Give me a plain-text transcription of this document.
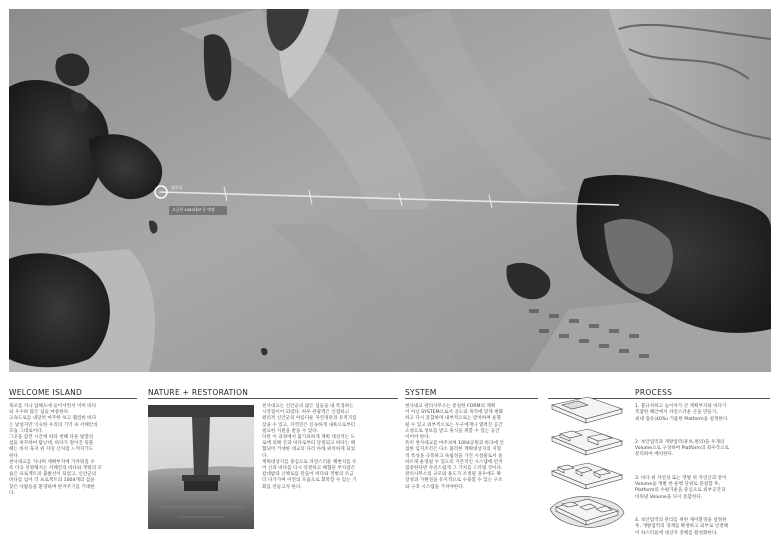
철산포
고군산 1004대교 등 예정
WELCOME ISLAND
목포를 지나 압해도에 들어서면서 이미 바다
와 우수하 많은 섬들 마중한다.
고속도로를 내달려 마주한 보고 웰컴한 바다
는 낯설지만 익숙한 우리의 기억 속 서해안의
모습 그대로이다.
그곳을 잠깐 시간에 따라 천혜 다른 빛깔의
섬들 바꾸하여 탐난데, 바다가 멀어진 뒷풀
때는 바치 육지 위 자연 산처럼 느껴지기도
한다.
천사대교를 지나며 계확부지에 가까워질 수
록 더욱 선명해지는 서해안의 바다와 갯벌의 모
습은 프로젝트의 출발선이 되었고, 신안군의
바다를 넘어 더 프로젝트의 1004개의 섬을
찾은 사람들을 환영하며 반겨주기를 기대한
다.
NATURE + RESTORATION
천사대교는 신안군의 많은 섬들을 내 특징하는
시작점이어 되었다. 하루 관광객은 인접하고
편리적 신안군의 아름다운 자연경관과 유적지를
찾을 수 있고, 지역민은 신속하게 내륙으로부터
필요한 지원을 받을 수 있다.
다만 이 과정에서 불가피하게 계획 대상지는 도
로에 의해 산과 바다로부터 단절되고 바다는 해
협되어 거대한 대교의 다리 아래 위치하게 되었
다.
계획대상지를 중심으로 자연스러운 해변치를 두
어 산과 바다를 다시 연결하고 해협된 부지잡은
갈대밭과 산책로를 만들어 바다와 갯벌의 조금
더 다가가며 이전의 모습으로 회복할 수 있는 기
회를 만들고자 한다.
SYSTEM
천사대교 관리사무소는 통일한 FORM의 계획
이 아닌 SYSTEM으로서 공도와 목적에 맞게 변화
하고 다시 흩합하며 내부적으로는 받쳐하며 운향
될 수 있고 외부적으로는 누구에게나 열려진 공간
소청으로 성보를 받고 휴식을 취할 수 있는 공간
이어야 한다.
특히 천사대교를 마주보며 1004공원과 바다에 인
접한 임지조건은 다소 불리한 계획대상지의 지형
적 특성을 극복하고 독립성을 가진 시설물로서 올
바르게 운영될 수 있도록 기본적인 시스템에 먼저
집중한다면 자연스럽게 그 가치를 드러낼 것이다.
관리사무소의 규모와 용도가 조정될 경우에도 확
장성과 가변성을 유지적으로 수용할 수 있는 구조
와 구축 시스템을 가져야한다.
PROCESS
1. 불규칙하고 높이차가 큰 계획부지와 바다가
복잡한 해안에서 자연스러운 산을 만들기,
최대 접유(40%) 거울한 Platform을 설정한다
2. 보안업역과 개방업역(휴보,편의)을 우개의
Volume으로 구성하여 Platform의 좌우측으로
분리하여 배치한다.
3. 바다 위 자연성 또는 갯벌 위 자연산과 같이
Volume을 개별 한 운행 단위로 분절할 후,
Platform의 수평기운을 중심으로 외부공간과
비워낸 Volume을 다시 흩합한다.
4. 보안업역의 관리를 위한 제어환경을 설정한
후, 개방업역의 경계를 확정하고 외부로 연결해
어 하스티롭에 대상지 전체를 활성화한다.
